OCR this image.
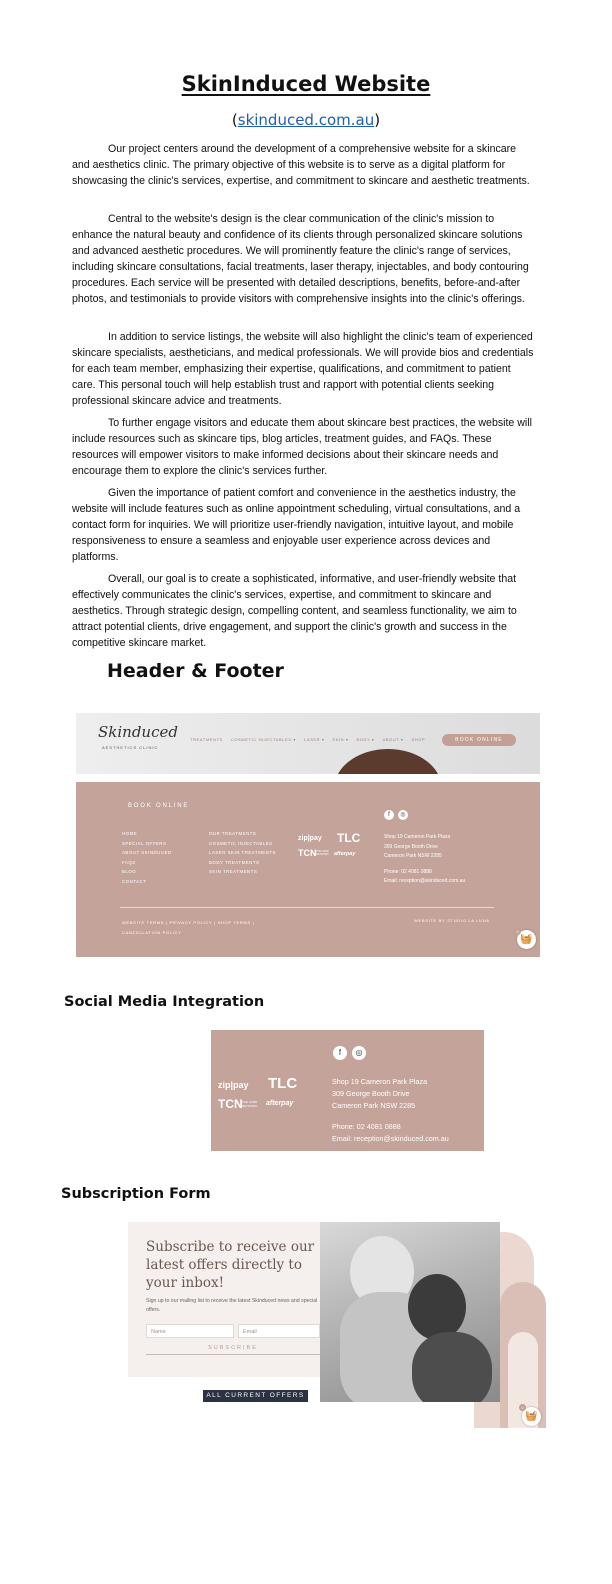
SkinInduced Website
(skinduced.com.au)

Our project centers around the development of a comprehensive website for a skincare and aesthetics clinic. The primary objective of this website is to serve as a digital platform for showcasing the clinic's services, expertise, and commitment to skincare and aesthetic treatments.

Central to the website's design is the clear communication of the clinic's mission to enhance the natural beauty and confidence of its clients through personalized skincare solutions and advanced aesthetic procedures. We will prominently feature the clinic's range of services, including skincare consultations, facial treatments, laser therapy, injectables, and body contouring procedures. Each service will be presented with detailed descriptions, benefits, before-and-after photos, and testimonials to provide visitors with comprehensive insights into the clinic's offerings.

In addition to service listings, the website will also highlight the clinic's team of experienced skincare specialists, aestheticians, and medical professionals. We will provide bios and credentials for each team member, emphasizing their expertise, qualifications, and commitment to patient care. This personal touch will help establish trust and rapport with potential clients seeking professional skincare advice and treatments.

To further engage visitors and educate them about skincare best practices, the website will include resources such as skincare tips, blog articles, treatment guides, and FAQs. These resources will empower visitors to make informed decisions about their skincare needs and encourage them to explore the clinic's services further.

Given the importance of patient comfort and convenience in the aesthetics industry, the website will include features such as online appointment scheduling, virtual consultations, and a contact form for inquiries. We will prioritize user-friendly navigation, intuitive layout, and mobile responsiveness to ensure a seamless and enjoyable user experience across devices and platforms.

Overall, our goal is to create a sophisticated, informative, and user-friendly website that effectively communicates the clinic's services, expertise, and commitment to skincare and aesthetics. Through strategic design, compelling content, and seamless functionality, we aim to attract potential clients, drive engagement, and support the clinic's growth and success in the competitive skincare market.

Header & Footer
Skinduced
AESTHETICS CLINIC
TREATMENTS COSMETIC INJECTABLES ▾ LASER ▾ SKIN ▾ BODY ▾ ABOUT ▾ SHOP	BOOK ONLINE
BOOK ONLINE
HOME
SPECIAL OFFERS
ABOUT SKINDUCED
FAQS
BLOG
CONTACT
OUR TREATMENTS
COSMETIC INJECTABLES
LASER SKIN TREATMENTS
BODY TREATMENTS
SKIN TREATMENTS
zip|pay TLC
TCN THE CARD NETWORK afterpay
f	◎
Shop 19 Cameron Park Plaza
309 George Booth Drive
Cameron Park NSW 2285
Phone: 02 4081 0888
Email: reception@skinduced.com.au
WEBSITE TERMS | PRIVACY POLICY | SHOP TERMS |
CANCELLATION POLICY
WEBSITE BY STUDIO LA LUNA
🧺
0
Social Media Integration
zip|pay TLC
TCN THE CARD NETWORK	afterpay
f	◎
Shop 19 Cameron Park Plaza
309 George Booth Drive
Cameron Park NSW 2285
Phone: 02 4081 0888
Email: reception@skinduced.com.au
Subscription Form
Subscribe to receive our latest offers directly to your inbox!
Sign up to our mailing list to receive the latest Skinduced news and special offers.
Name	Email
SUBSCRIBE
ALL CURRENT OFFERS
🧺
0
